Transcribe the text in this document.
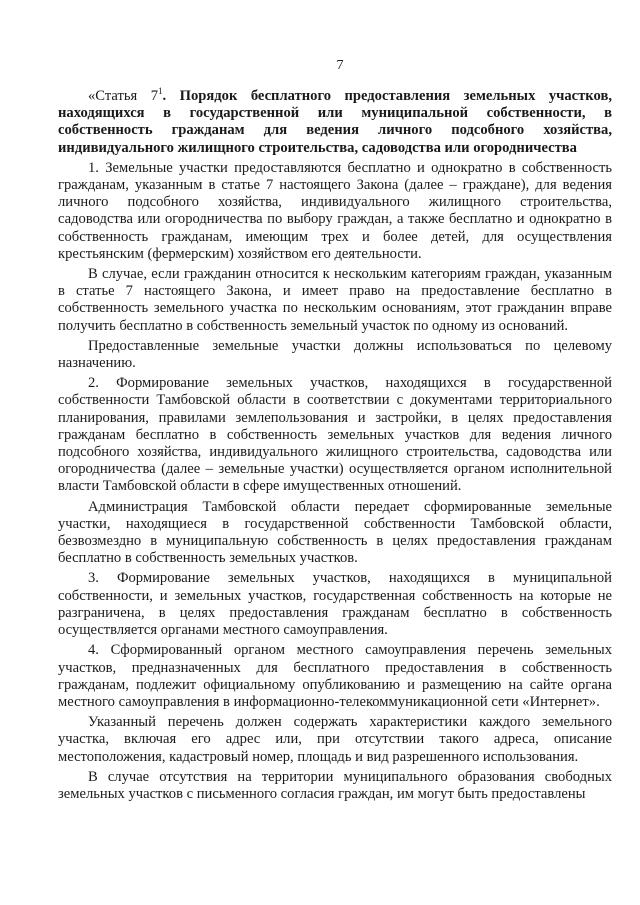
7

«Статья $7^1$. Порядок бесплатного предоставления земельных участков, находящихся в государственной или муниципальной собственности, в собственность гражданам для ведения личного подсобного хозяйства, индивидуального жилищного строительства, садоводства или огородничества

1. Земельные участки предоставляются бесплатно и однократно в собственность гражданам, указанным в статье 7 настоящего Закона (далее – граждане), для ведения личного подсобного хозяйства, индивидуального жилищного строительства, садоводства или огородничества по выбору граждан, а также бесплатно и однократно в собственность гражданам, имеющим трех и более детей, для осуществления крестьянским (фермерским) хозяйством его деятельности.

В случае, если гражданин относится к нескольким категориям граждан, указанным в статье 7 настоящего Закона, и имеет право на предоставление бесплатно в собственность земельного участка по нескольким основаниям, этот гражданин вправе получить бесплатно в собственность земельный участок по одному из оснований.

Предоставленные земельные участки должны использоваться по целевому назначению.

2. Формирование земельных участков, находящихся в государственной собственности Тамбовской области в соответствии с документами территориального планирования, правилами землепользования и застройки, в целях предоставления гражданам бесплатно в собственность земельных участков для ведения личного подсобного хозяйства, индивидуального жилищного строительства, садоводства или огородничества (далее – земельные участки) осуществляется органом исполнительной власти Тамбовской области в сфере имущественных отношений.

Администрация Тамбовской области передает сформированные земельные участки, находящиеся в государственной собственности Тамбовской области, безвозмездно в муниципальную собственность в целях предоставления гражданам бесплатно в собственность земельных участков.

3. Формирование земельных участков, находящихся в муниципальной собственности, и земельных участков, государственная собственность на которые не разграничена, в целях предоставления гражданам бесплатно в собственность осуществляется органами местного самоуправления.

4. Сформированный органом местного самоуправления перечень земельных участков, предназначенных для бесплатного предоставления в собственность гражданам, подлежит официальному опубликованию и размещению на сайте органа местного самоуправления в информационно-телекоммуникационной сети «Интернет».

Указанный перечень должен содержать характеристики каждого земельного участка, включая его адрес или, при отсутствии такого адреса, описание местоположения, кадастровый номер, площадь и вид разрешенного использования.

В случае отсутствия на территории муниципального образования свободных земельных участков с письменного согласия граждан, им могут быть предоставлены
